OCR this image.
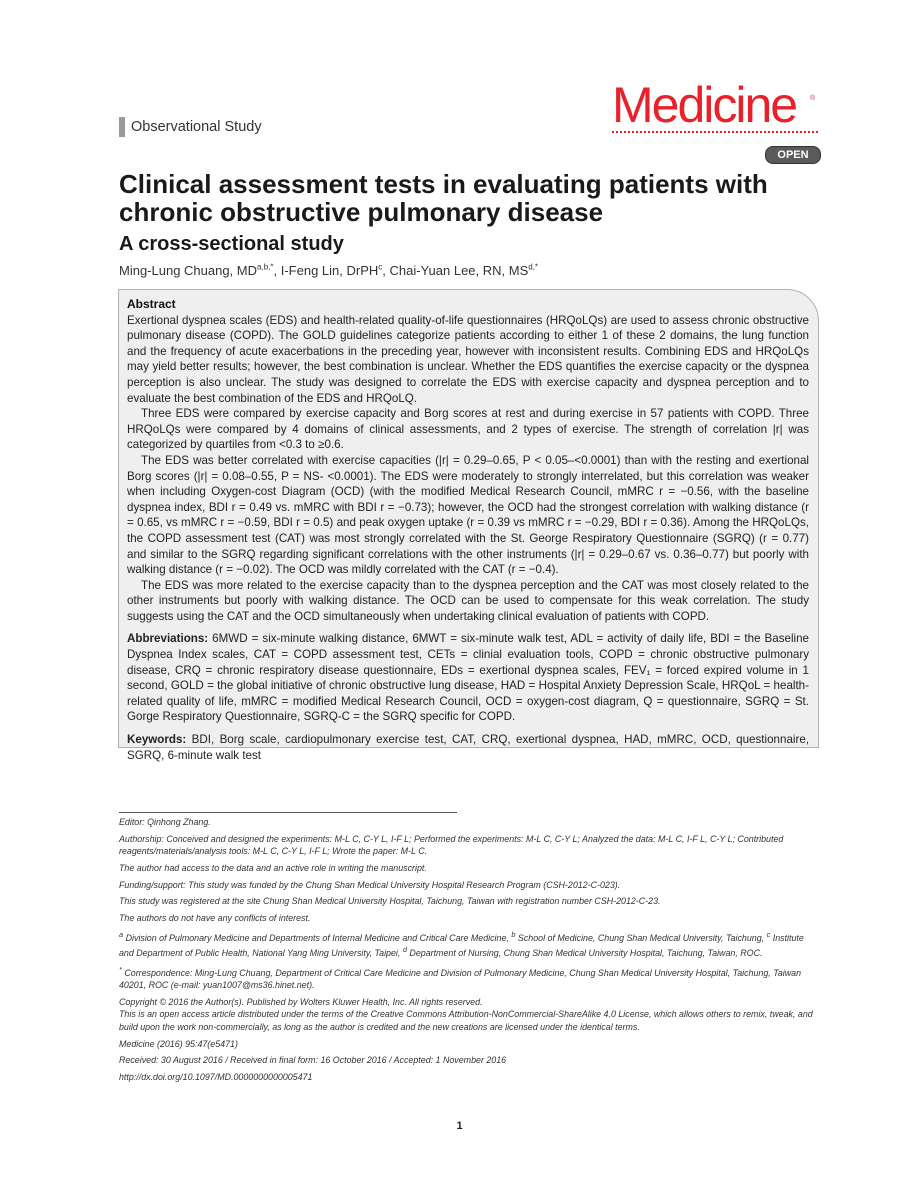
Observational Study	Medicine	®
OPEN
Clinical assessment tests in evaluating patients with chronic obstructive pulmonary disease
A cross-sectional study
Ming-Lung Chuang, $MD^{a,b,*}$, I-Feng Lin, DrPH$^c$, Chai-Yuan Lee, RN, $MS^{d,*}$

Abstract

Exertional dyspnea scales (EDS) and health-related quality-of-life questionnaires (HRQoLQs) are used to assess chronic obstructive pulmonary disease (COPD). The GOLD guidelines categorize patients according to either 1 of these 2 domains, the lung function and the frequency of acute exacerbations in the preceding year, however with inconsistent results. Combining EDS and HRQoLQs may yield better results; however, the best combination is unclear. Whether the EDS quantifies the exercise capacity or the dyspnea perception is also unclear. The study was designed to correlate the EDS with exercise capacity and dyspnea perception and to evaluate the best combination of the EDS and HRQoLQ.

Three EDS were compared by exercise capacity and Borg scores at rest and during exercise in 57 patients with COPD. Three HRQoLQs were compared by 4 domains of clinical assessments, and 2 types of exercise. The strength of correlation |r| was categorized by quartiles from <0.3 to ≥0.6.

The EDS was better correlated with exercise capacities (|r| = 0.29–0.65, P < 0.05–<0.0001) than with the resting and exertional Borg scores (|r| = 0.08–0.55, P = NS- <0.0001). The EDS were moderately to strongly interrelated, but this correlation was weaker when including Oxygen-cost Diagram (OCD) (with the modified Medical Research Council, mMRC r = −0.56, with the baseline dyspnea index, BDI r = 0.49 vs. mMRC with BDI r = −0.73); however, the OCD had the strongest correlation with walking distance (r = 0.65, vs mMRC r = −0.59, BDI r = 0.5) and peak oxygen uptake (r = 0.39 vs mMRC r = −0.29, BDI r = 0.36). Among the HRQoLQs, the COPD assessment test (CAT) was most strongly correlated with the St. George Respiratory Questionnaire (SGRQ) (r = 0.77) and similar to the SGRQ regarding significant correlations with the other instruments (|r| = 0.29–0.67 vs. 0.36–0.77) but poorly with walking distance (r = −0.02). The OCD was mildly correlated with the CAT (r = −0.4).

The EDS was more related to the exercise capacity than to the dyspnea perception and the CAT was most closely related to the other instruments but poorly with walking distance. The OCD can be used to compensate for this weak correlation. The study suggests using the CAT and the OCD simultaneously when undertaking clinical evaluation of patients with COPD.

Abbreviations: 6MWD = six-minute walking distance, 6MWT = six-minute walk test, ADL = activity of daily life, BDI = the Baseline Dyspnea Index scales, CAT = COPD assessment test, CETs = clinial evaluation tools, COPD = chronic obstructive pulmonary disease, CRQ = chronic respiratory disease questionnaire, EDs = exertional dyspnea scales, FEV₁ = forced expired volume in 1 second, GOLD = the global initiative of chronic obstructive lung disease, HAD = Hospital Anxiety Depression Scale, HRQoL = health-related quality of life, mMRC = modified Medical Research Council, OCD = oxygen-cost diagram, Q = questionnaire, SGRQ = St. Gorge Respiratory Questionnaire, SGRQ-C = the SGRQ specific for COPD.

Keywords: BDI, Borg scale, cardiopulmonary exercise test, CAT, CRQ, exertional dyspnea, HAD, mMRC, OCD, questionnaire, SGRQ, 6-minute walk test

Editor: Qinhong Zhang.

Authorship: Conceived and designed the experiments: M-L C, C-Y L, I-F L; Performed the experiments: M-L C, C-Y L; Analyzed the data: M-L C, I-F L, C-Y L; Contributed reagents/materials/analysis tools: M-L C, C-Y L, I-F L; Wrote the paper: M-L C.

The author had access to the data and an active role in writing the manuscript.

Funding/support: This study was funded by the Chung Shan Medical University Hospital Research Program (CSH-2012-C-023).

This study was registered at the site Chung Shan Medical University Hospital, Taichung, Taiwan with registration number CSH-2012-C-23.

The authors do not have any conflicts of interest.

$^a$ Division of Pulmonary Medicine and Departments of Internal Medicine and Critical Care Medicine, $^b$ School of Medicine, Chung Shan Medical University, Taichung, $^c$ Institute and Department of Public Health, National Yang Ming University, Taipei, $^d$ Department of Nursing, Chung Shan Medical University Hospital, Taichung, Taiwan, ROC.

* Correspondence: Ming-Lung Chuang, Department of Critical Care Medicine and Division of Pulmonary Medicine, Chung Shan Medical University Hospital, Taichung, Taiwan 40201, ROC (e-mail: yuan1007@ms36.hinet.net).

Copyright © 2016 the Author(s). Published by Wolters Kluwer Health, Inc. All rights reserved.
This is an open access article distributed under the terms of the Creative Commons Attribution-NonCommercial-ShareAlike 4.0 License, which allows others to remix, tweak, and build upon the work non-commercially, as long as the author is credited and the new creations are licensed under the identical terms.

Medicine (2016) 95:47(e5471)

Received: 30 August 2016 / Received in final form: 16 October 2016 / Accepted: 1 November 2016

http://dx.doi.org/10.1097/MD.0000000000005471

1
